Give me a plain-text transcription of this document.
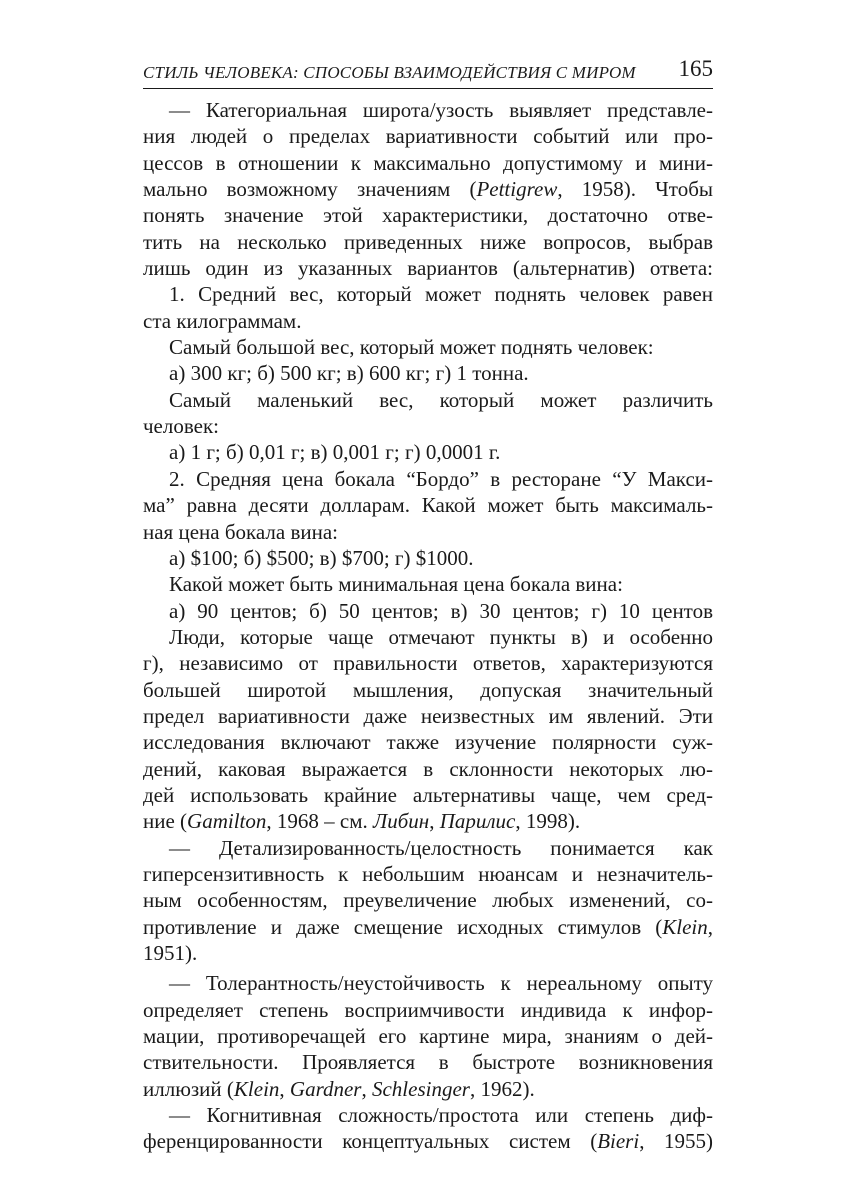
СТИЛЬ ЧЕЛОВЕКА: СПОСОБЫ ВЗАИМОДЕЙСТВИЯ С МИРОМ 165
— Категориальная широта/узость выявляет представле-
ния людей о пределах вариативности событий или про-
цессов в отношении к максимально допустимому и мини-
мально возможному значениям (Pettigrew, 1958). Чтобы
понять значение этой характеристики, достаточно отве-
тить на несколько приведенных ниже вопросов, выбрав
лишь один из указанных вариантов (альтернатив) ответа:
1. Средний вес, который может поднять человек равен
ста килограммам.
Самый большой вес, который может поднять человек:
а) 300 кг; б) 500 кг; в) 600 кг; г) 1 тонна.
Самый маленький вес, который может различить
человек:
а) 1 г; б) 0,01 г; в) 0,001 г; г) 0,0001 г.
2. Средняя цена бокала “Бордо” в ресторане “У Макси-
ма” равна десяти долларам. Какой может быть максималь-
ная цена бокала вина:
а) $100; б) $500; в) $700; г) $1000.
Какой может быть минимальная цена бокала вина:
а) 90 центов; б) 50 центов; в) 30 центов; г) 10 центов
Люди, которые чаще отмечают пункты в) и особенно
г), независимо от правильности ответов, характеризуются
большей широтой мышления, допуская значительный
предел вариативности даже неизвестных им явлений. Эти
исследования включают также изучение полярности суж-
дений, каковая выражается в склонности некоторых лю-
дей использовать крайние альтернативы чаще, чем сред-
ние (Gamilton, 1968 – см. Либин, Парилис, 1998).
— Детализированность/целостность понимается как
гиперсензитивность к небольшим нюансам и незначитель-
ным особенностям, преувеличение любых изменений, со-
противление и даже смещение исходных стимулов (Klein,
1951).
— Толерантность/неустойчивость к нереальному опыту
определяет степень восприимчивости индивида к инфор-
мации, противоречащей его картине мира, знаниям о дей-
ствительности. Проявляется в быстроте возникновения
иллюзий (Klein, Gardner, Schlesinger, 1962).
— Когнитивная сложность/простота или степень диф-
ференцированности концептуальных систем (Bieri, 1955)
